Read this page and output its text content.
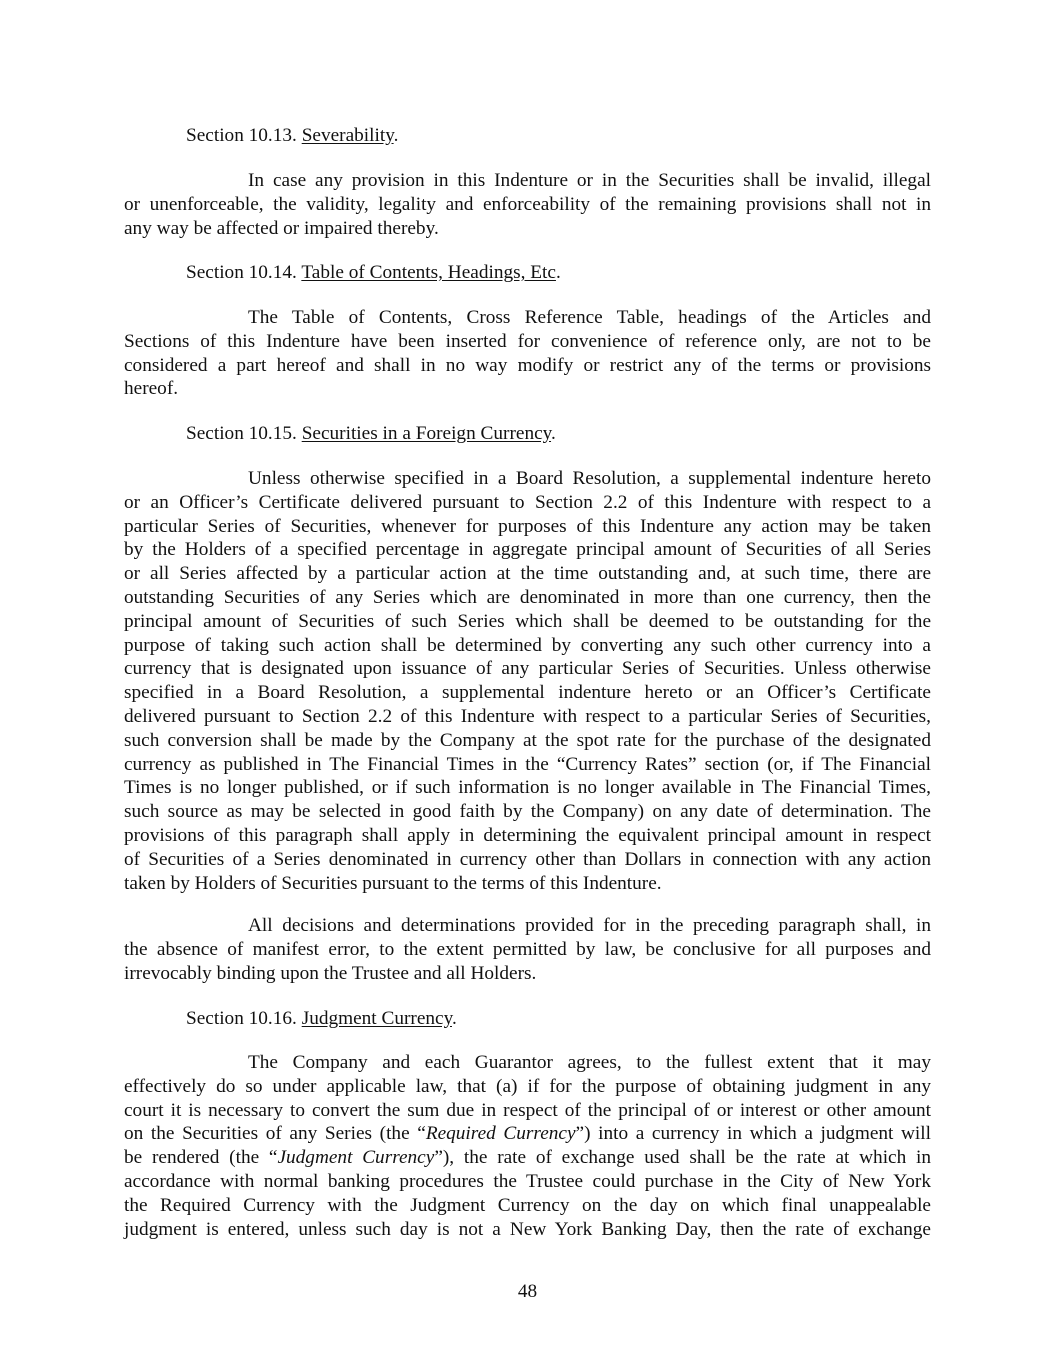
Section 10.13. Severability.
In case any provision in this Indenture or in the Securities shall be invalid, illegal
or unenforceable, the validity, legality and enforceability of the remaining provisions shall not in
any way be affected or impaired thereby.
Section 10.14. Table of Contents, Headings, Etc.
The Table of Contents, Cross Reference Table, headings of the Articles and
Sections of this Indenture have been inserted for convenience of reference only, are not to be
considered a part hereof and shall in no way modify or restrict any of the terms or provisions
hereof.
Section 10.15. Securities in a Foreign Currency.
Unless otherwise specified in a Board Resolution, a supplemental indenture hereto
or an Officer’s Certificate delivered pursuant to Section 2.2 of this Indenture with respect to a
particular Series of Securities, whenever for purposes of this Indenture any action may be taken
by the Holders of a specified percentage in aggregate principal amount of Securities of all Series
or all Series affected by a particular action at the time outstanding and, at such time, there are
outstanding Securities of any Series which are denominated in more than one currency, then the
principal amount of Securities of such Series which shall be deemed to be outstanding for the
purpose of taking such action shall be determined by converting any such other currency into a
currency that is designated upon issuance of any particular Series of Securities. Unless otherwise
specified in a Board Resolution, a supplemental indenture hereto or an Officer’s Certificate
delivered pursuant to Section 2.2 of this Indenture with respect to a particular Series of Securities,
such conversion shall be made by the Company at the spot rate for the purchase of the designated
currency as published in The Financial Times in the “Currency Rates” section (or, if The Financial
Times is no longer published, or if such information is no longer available in The Financial Times,
such source as may be selected in good faith by the Company) on any date of determination. The
provisions of this paragraph shall apply in determining the equivalent principal amount in respect
of Securities of a Series denominated in currency other than Dollars in connection with any action
taken by Holders of Securities pursuant to the terms of this Indenture.
All decisions and determinations provided for in the preceding paragraph shall, in
the absence of manifest error, to the extent permitted by law, be conclusive for all purposes and
irrevocably binding upon the Trustee and all Holders.
Section 10.16. Judgment Currency.
The Company and each Guarantor agrees, to the fullest extent that it may
effectively do so under applicable law, that (a) if for the purpose of obtaining judgment in any
court it is necessary to convert the sum due in respect of the principal of or interest or other amount
on the Securities of any Series (the “Required Currency”) into a currency in which a judgment will
be rendered (the “Judgment Currency”), the rate of exchange used shall be the rate at which in
accordance with normal banking procedures the Trustee could purchase in the City of New York
the Required Currency with the Judgment Currency on the day on which final unappealable
judgment is entered, unless such day is not a New York Banking Day, then the rate of exchange
48
